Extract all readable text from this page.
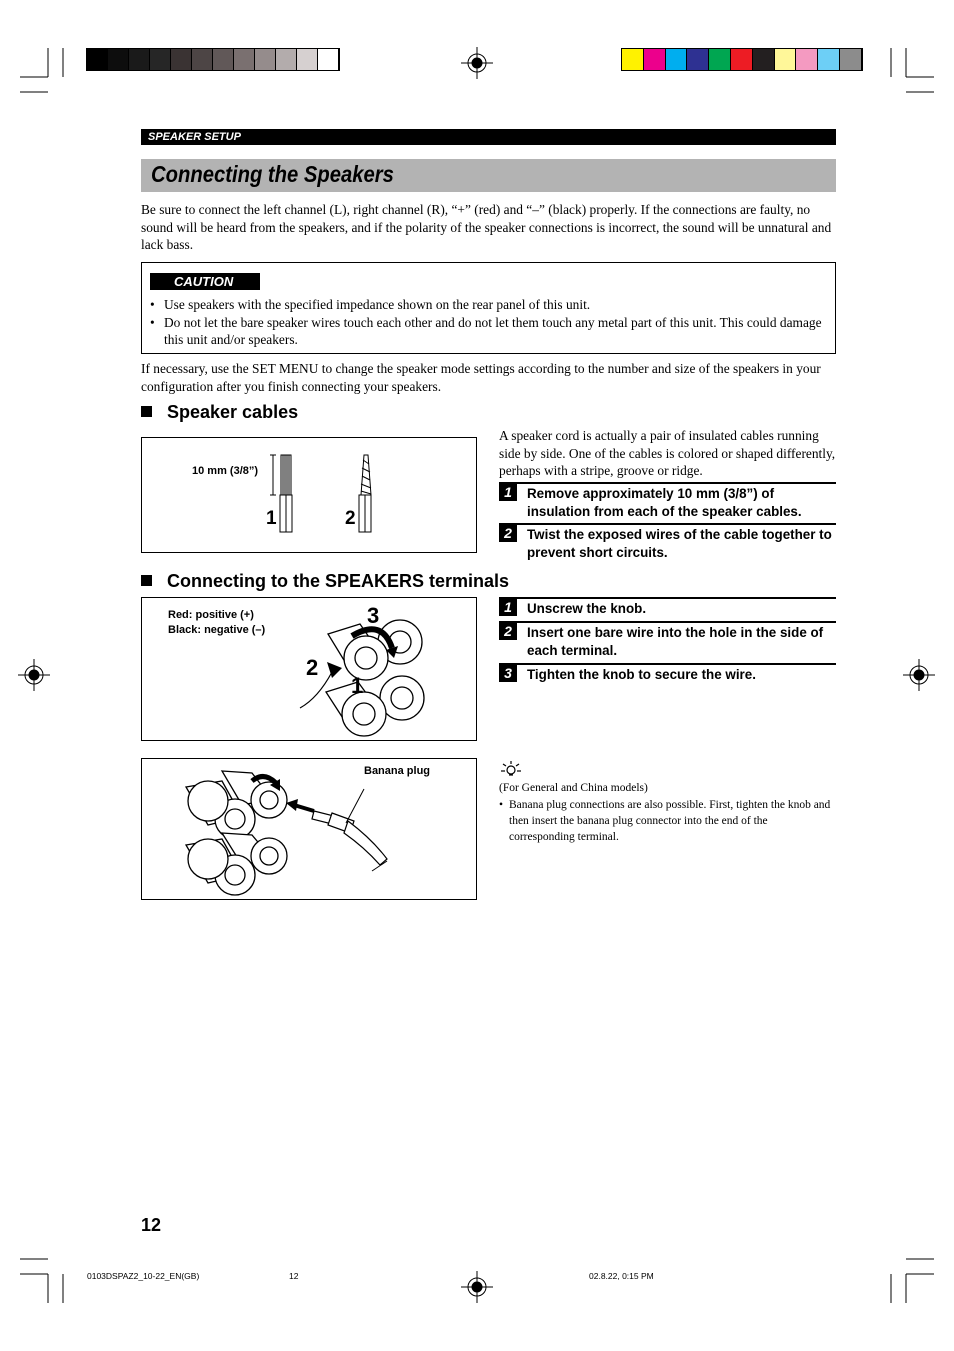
SPEAKER SETUP
Connecting the Speakers
Be sure to connect the left channel (L), right channel (R), “+” (red) and “–” (black) properly. If the connections are faulty, no sound will be heard from the speakers, and if the polarity of the speaker connections is incorrect, the sound will be unnatural and lack bass.
CAUTION
• Use speakers with the specified impedance shown on the rear panel of this unit.
• Do not let the bare speaker wires touch each other and do not let them touch any metal part of this unit. This could damage this unit and/or speakers.
If necessary, use the SET MENU to change the speaker mode settings according to the number and size of the speakers in your configuration after you finish connecting your speakers.
Speaker cables
10 mm (3/8”)
1	2
A speaker cord is actually a pair of insulated cables running side by side. One of the cables is colored or shaped differently, perhaps with a stripe, groove or ridge.
1	Remove approximately 10 mm (3/8”) of insulation from each of the speaker cables.
2	Twist the exposed wires of the cable together to prevent short circuits.
Connecting to the SPEAKERS terminals
Red: positive (+)
Black: negative (–)
3
2
1
1	Unscrew the knob.
2	Insert one bare wire into the hole in the side of each terminal.
3	Tighten the knob to secure the wire.
Banana plug
(For General and China models)
• Banana plug connections are also possible. First, tighten the knob and then insert the banana plug connector into the end of the corresponding terminal.
12
0103DSPAZ2_10-22_EN(GB)	12	02.8.22, 0:15 PM
